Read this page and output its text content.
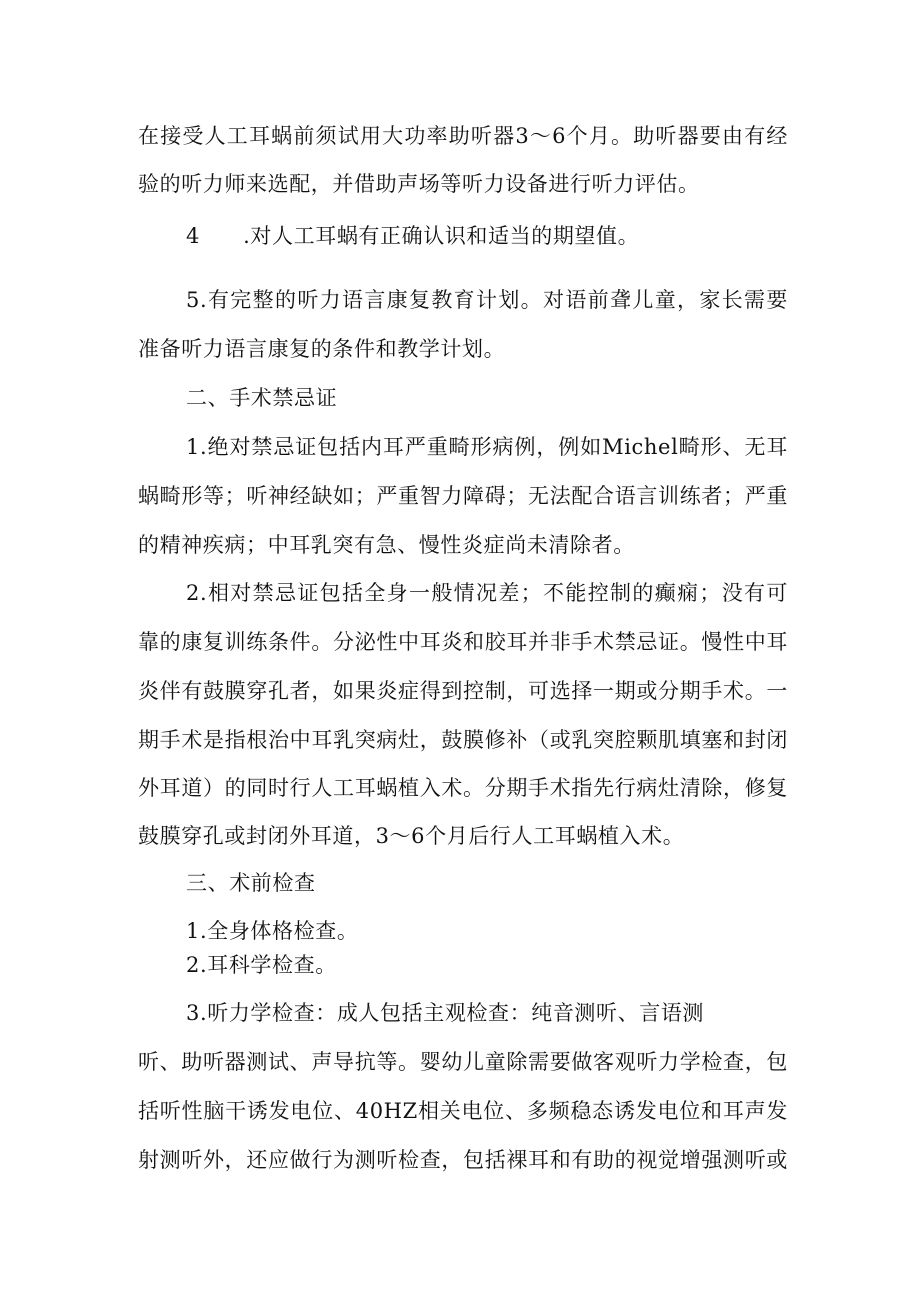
在接受人工耳蜗前须试用大功率助听器3～6个月。助听器要由有经
验的听力师来选配，并借助声场等听力设备进行听力评估。
4　　.对人工耳蜗有正确认识和适当的期望值。
5.有完整的听力语言康复教育计划。对语前聋儿童，家长需要
准备听力语言康复的条件和教学计划。
二、手术禁忌证
1.绝对禁忌证包括内耳严重畸形病例，例如Michel畸形、无耳
蜗畸形等；听神经缺如；严重智力障碍；无法配合语言训练者；严重
的精神疾病；中耳乳突有急、慢性炎症尚未清除者。
2.相对禁忌证包括全身一般情况差；不能控制的癫痫；没有可
靠的康复训练条件。分泌性中耳炎和胶耳并非手术禁忌证。慢性中耳
炎伴有鼓膜穿孔者，如果炎症得到控制，可选择一期或分期手术。一
期手术是指根治中耳乳突病灶，鼓膜修补（或乳突腔颗肌填塞和封闭
外耳道）的同时行人工耳蜗植入术。分期手术指先行病灶清除，修复
鼓膜穿孔或封闭外耳道，3～6个月后行人工耳蜗植入术。
三、术前检查
1.全身体格检查。
2.耳科学检查。
3.听力学检查：成人包括主观检查：纯音测听、言语测
听、助听器测试、声导抗等。婴幼儿童除需要做客观听力学检查，包
括听性脑干诱发电位、40HZ相关电位、多频稳态诱发电位和耳声发
射测听外，还应做行为测听检查，包括裸耳和有助的视觉增强测听或
